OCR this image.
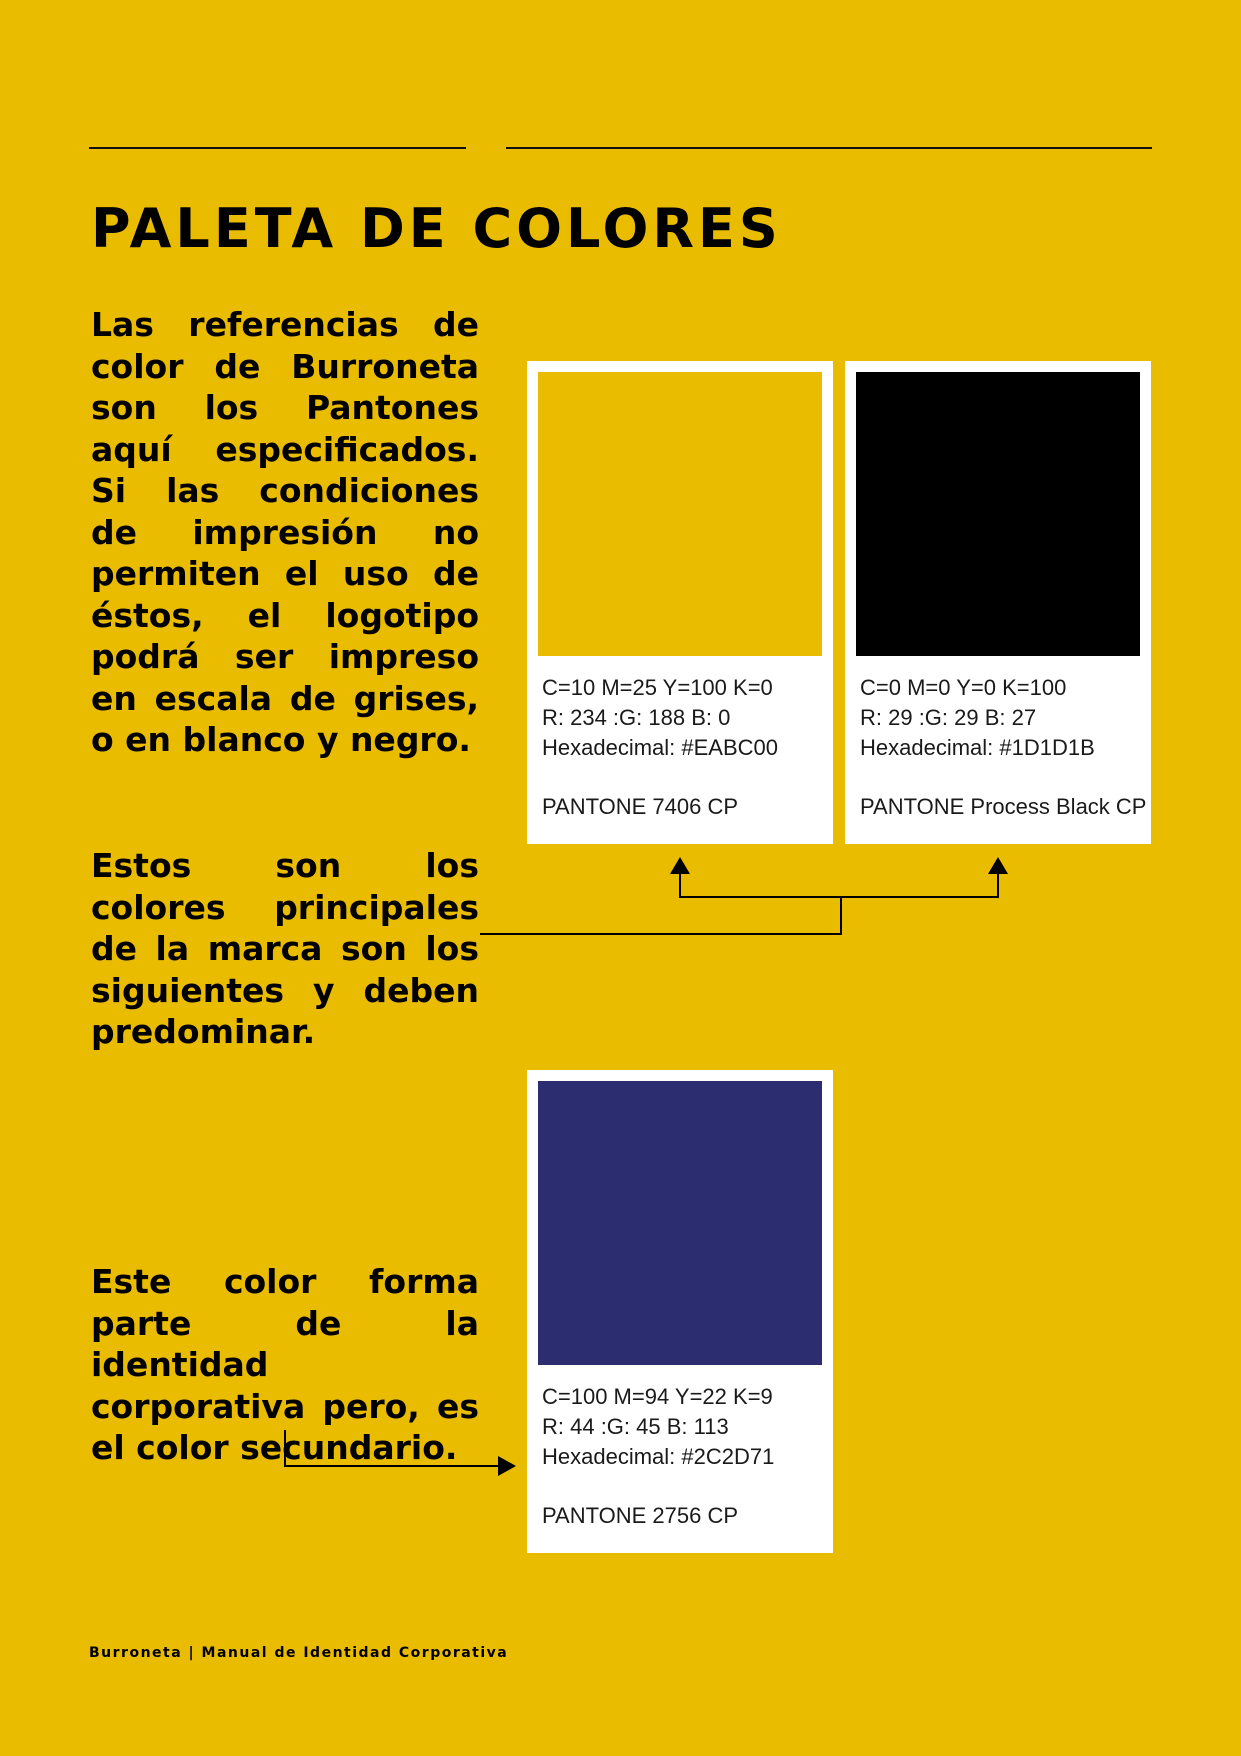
PALETA DE COLORES

Las referencias de color de Burroneta son los Pantones aquí especificados. Si las condiciones de impresión no permiten el uso de éstos, el logotipo podrá ser impreso en escala de grises, o en blanco y negro.

Estos son los colores principales de la marca son los siguientes y deben predominar.

Este color forma parte de la identidad corporativa pero, es el color secundario.

C=10 M=25 Y=100 K=0
R: 234 :G: 188 B: 0
Hexadecimal: #EABC00
PANTONE 7406 CP
C=0 M=0 Y=0 K=100
R: 29 :G: 29 B: 27
Hexadecimal: #1D1D1B
PANTONE Process Black CP
C=100 M=94 Y=22 K=9
R: 44 :G: 45 B: 113
Hexadecimal: #2C2D71
PANTONE 2756 CP

Burroneta | Manual de Identidad Corporativa
